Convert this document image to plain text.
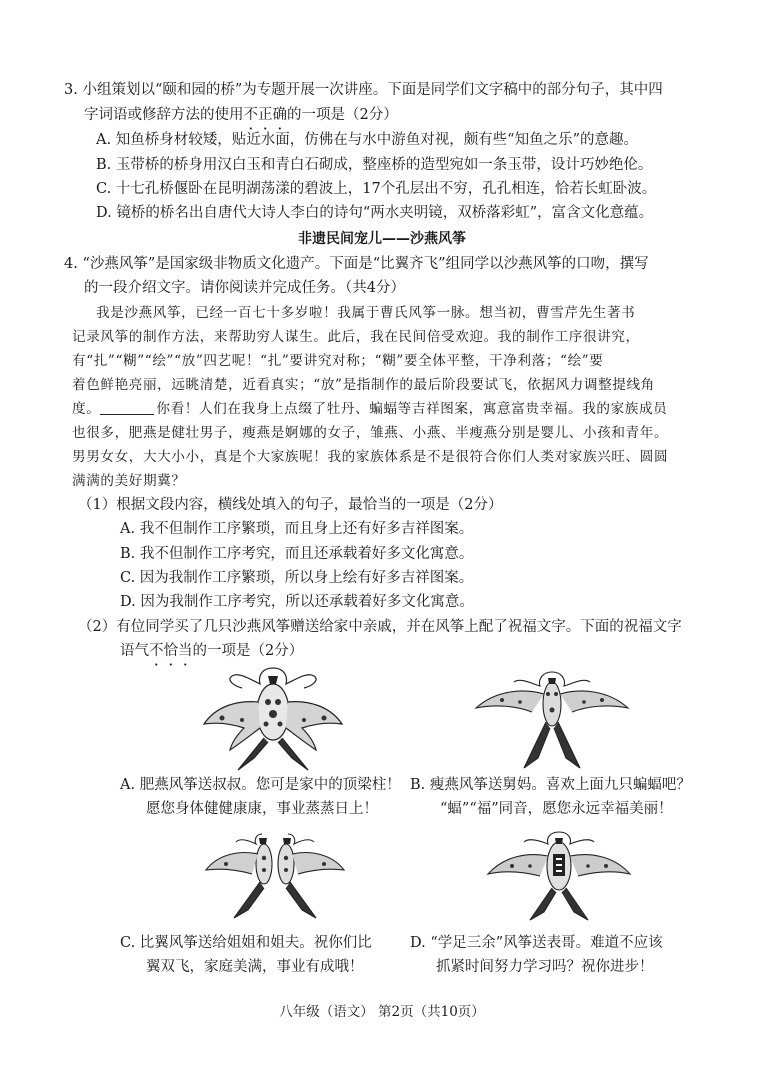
3. 小组策划以“颐和园的桥”为专题开展一次讲座。下面是同学们文字稿中的部分句子，其中四
字词语或修辞方法的使用不正确的一项是（2分）
A. 知鱼桥身材较矮，贴近水面，仿佛在与水中游鱼对视，颇有些“知鱼之乐”的意趣。
B. 玉带桥的桥身用汉白玉和青白石砌成，整座桥的造型宛如一条玉带，设计巧妙绝伦。
C. 十七孔桥偃卧在昆明湖荡漾的碧波上，17个孔层出不穷，孔孔相连，恰若长虹卧波。
D. 镜桥的桥名出自唐代大诗人李白的诗句“两水夹明镜，双桥落彩虹”，富含文化意蕴。
非遗民间宠儿——沙燕风筝
4. “沙燕风筝”是国家级非物质文化遗产。下面是“比翼齐飞”组同学以沙燕风筝的口吻，撰写
的一段介绍文字。请你阅读并完成任务。（共4分）
我是沙燕风筝，已经一百七十多岁啦！我属于曹氏风筝一脉。想当初，曹雪芹先生著书
记录风筝的制作方法，来帮助穷人谋生。此后，我在民间倍受欢迎。我的制作工序很讲究，
有“扎”“糊”“绘”“放”四艺呢！“扎”要讲究对称；“糊”要全体平整，干净利落；“绘”要
着色鲜艳亮丽，远眺清楚，近看真实；“放”是指制作的最后阶段要试飞，依据风力调整提线角
度。	你看！人们在我身上点缀了牡丹、蝙蝠等吉祥图案，寓意富贵幸福。我的家族成员
也很多，肥燕是健壮男子，瘦燕是婀娜的女子，雏燕、小燕、半瘦燕分别是婴儿、小孩和青年。
男男女女，大大小小，真是个大家族呢！我的家族体系是不是很符合你们人类对家族兴旺、圆圆
满满的美好期冀？
（1）根据文段内容，横线处填入的句子，最恰当的一项是（2分）
A. 我不但制作工序繁琐，而且身上还有好多吉祥图案。
B. 我不但制作工序考究，而且还承载着好多文化寓意。
C. 因为我制作工序繁琐，所以身上绘有好多吉祥图案。
D. 因为我制作工序考究，所以还承载着好多文化寓意。
（2）有位同学买了几只沙燕风筝赠送给家中亲戚，并在风筝上配了祝福文字。下面的祝福文字
语气不恰当的一项是（2分）
A. 肥燕风筝送叔叔。您可是家中的顶梁柱！
愿您身体健健康康，事业蒸蒸日上！
B. 瘦燕风筝送舅妈。喜欢上面九只蝙蝠吧？
“蝠”“福”同音，愿您永远幸福美丽！
C. 比翼风筝送给姐姐和姐夫。祝你们比
翼双飞，家庭美满，事业有成哦！
D. “学足三余”风筝送表哥。难道不应该
抓紧时间努力学习吗？祝你进步！
八年级（语文） 第2页（共10页）
